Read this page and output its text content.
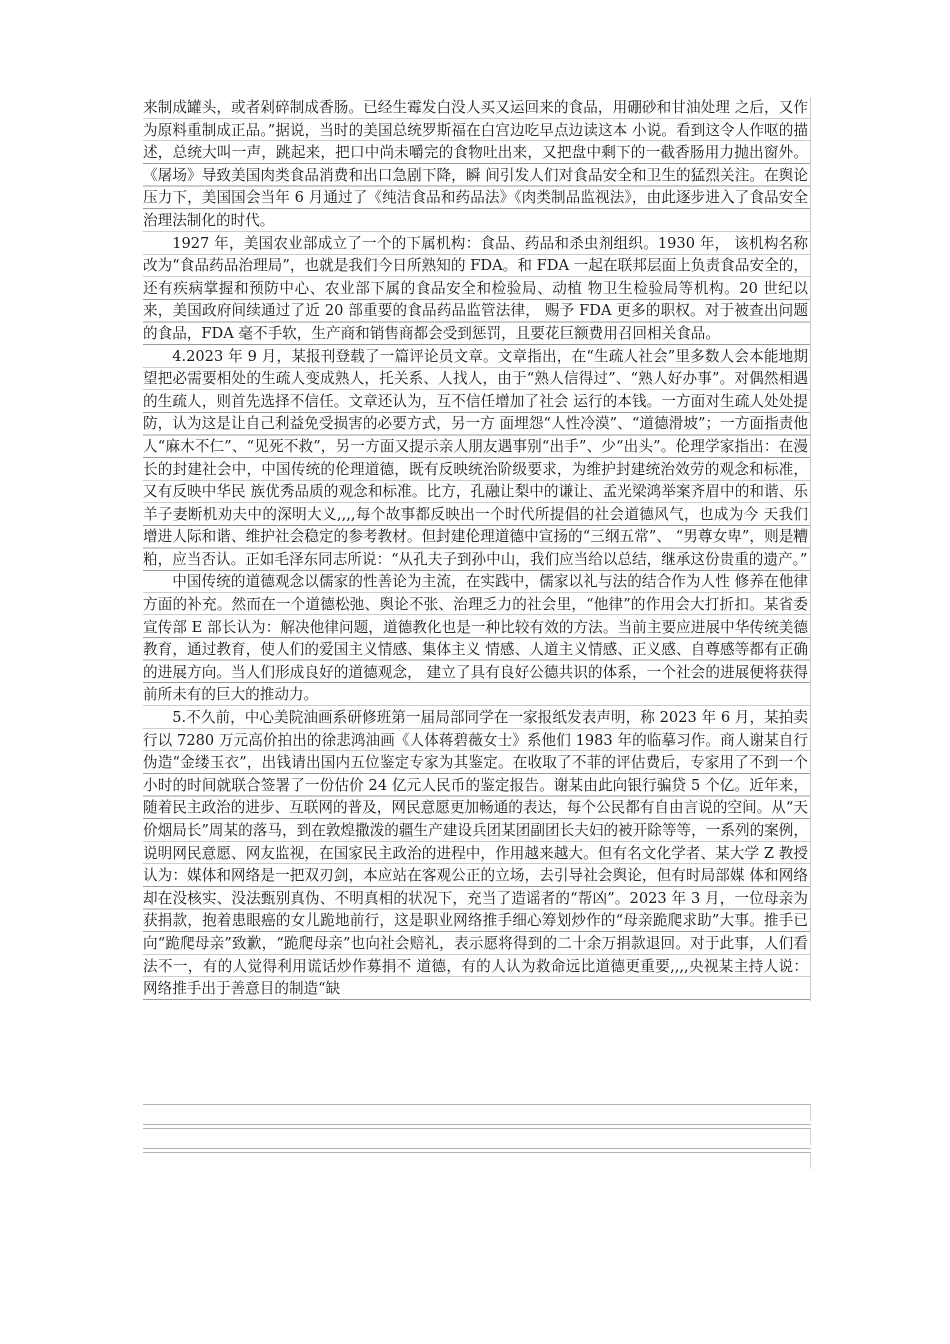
来制成罐头，或者剁碎制成香肠。已经生霉发白没人买又运回来的食品，用硼砂和甘油处理 之后，又作为原料重制成正品。”据说，当时的美国总统罗斯福在白宫边吃早点边读这本 小说。看到这令人作呕的描述，总统大叫一声，跳起来，把口中尚未嚼完的食物吐出来，又把盘中剩下的一截香肠用力抛出窗外。《屠场》导致美国肉类食品消费和出口急剧下降，瞬 间引发人们对食品安全和卫生的猛烈关注。在舆论压力下，美国国会当年 6 月通过了《纯洁食品和药品法》《肉类制品监视法》，由此逐步进入了食品安全治理法制化的时代。

1927 年，美国农业部成立了一个的下属机构：食品、药品和杀虫剂组织。1930 年， 该机构名称改为“食品药品治理局”，也就是我们今日所熟知的 FDA。和 FDA 一起在联邦层面上负责食品安全的，还有疾病掌握和预防中心、农业部下属的食品安全和检验局、动植 物卫生检验局等机构。20 世纪以来，美国政府间续通过了近 20 部重要的食品药品监管法律， 赐予 FDA 更多的职权。对于被查出问题的食品，FDA 毫不手软，生产商和销售商都会受到惩罚，且要花巨额费用召回相关食品。

4.2023 年 9 月，某报刊登载了一篇评论员文章。文章指出，在“生疏人社会”里多数人会本能地期望把必需要相处的生疏人变成熟人，托关系、人找人，由于“熟人信得过”、“熟人好办事”。对偶然相遇的生疏人，则首先选择不信任。文章还认为，互不信任增加了社会 运行的本钱。一方面对生疏人处处提防，认为这是让自己利益免受损害的必要方式，另一方 面埋怨“人性冷漠”、“道德滑坡”；一方面指责他人“麻木不仁”、“见死不救”，另一方面又提示亲人朋友遇事别“出手”、少“出头”。伦理学家指出：在漫长的封建社会中，中国传统的伦理道德，既有反映统治阶级要求，为维护封建统治效劳的观念和标准，又有反映中华民 族优秀品质的观念和标准。比方，孔融让梨中的谦让、孟光梁鸿举案齐眉中的和谐、乐羊子妻断机劝夫中的深明大义,,,,每个故事都反映出一个时代所提倡的社会道德风气，也成为今 天我们增进人际和谐、维护社会稳定的参考教材。但封建伦理道德中宣扬的“三纲五常”、 “男尊女卑”，则是糟粕，应当否认。正如毛泽东同志所说：“从孔夫子到孙中山，我们应当给以总结，继承这份贵重的遗产。”

中国传统的道德观念以儒家的性善论为主流，在实践中，儒家以礼与法的结合作为人性 修养在他律方面的补充。然而在一个道德松弛、舆论不张、治理乏力的社会里，“他律”的作用会大打折扣。某省委宣传部 E 部长认为：解决他律问题，道德教化也是一种比较有效的方法。当前主要应进展中华传统美德教育，通过教育，使人们的爱国主义情感、集体主义 情感、人道主义情感、正义感、自尊感等都有正确的进展方向。当人们形成良好的道德观念， 建立了具有良好公德共识的体系，一个社会的进展便将获得前所未有的巨大的推动力。

5.不久前，中心美院油画系研修班第一届局部同学在一家报纸发表声明，称 2023 年 6 月，某拍卖行以 7280 万元高价拍出的徐悲鸿油画《人体蒋碧薇女士》系他们 1983 年的临摹习作。商人谢某自行伪造“金缕玉衣”，出钱请出国内五位鉴定专家为其鉴定。在收取了不菲的评估费后，专家用了不到一个小时的时间就联合签署了一份估价 24 亿元人民币的鉴定报告。谢某由此向银行骗贷 5 个亿。近年来，随着民主政治的进步、互联网的普及，网民意愿更加畅通的表达，每个公民都有自由言说的空间。从“天价烟局长”周某的落马，到在敦煌撒泼的疆生产建设兵团某团副团长夫妇的被开除等等，一系列的案例，说明网民意愿、网友监视，在国家民主政治的进程中，作用越来越大。但有名文化学者、某大学 Z 教授认为：媒体和网络是一把双刃剑，本应站在客观公正的立场，去引导社会舆论，但有时局部媒 体和网络却在没核实、没法甄别真伪、不明真相的状况下，充当了造谣者的“帮凶”。2023 年 3 月，一位母亲为获捐款，抱着患眼癌的女儿跪地前行，这是职业网络推手细心筹划炒作的“母亲跪爬求助”大事。推手已向“跪爬母亲”致歉，“跪爬母亲”也向社会赔礼，表示愿将得到的二十余万捐款退回。对于此事，人们看法不一，有的人觉得利用谎话炒作募捐不 道德，有的人认为救命远比道德更重要,,,,央视某主持人说：网络推手出于善意目的制造“缺
